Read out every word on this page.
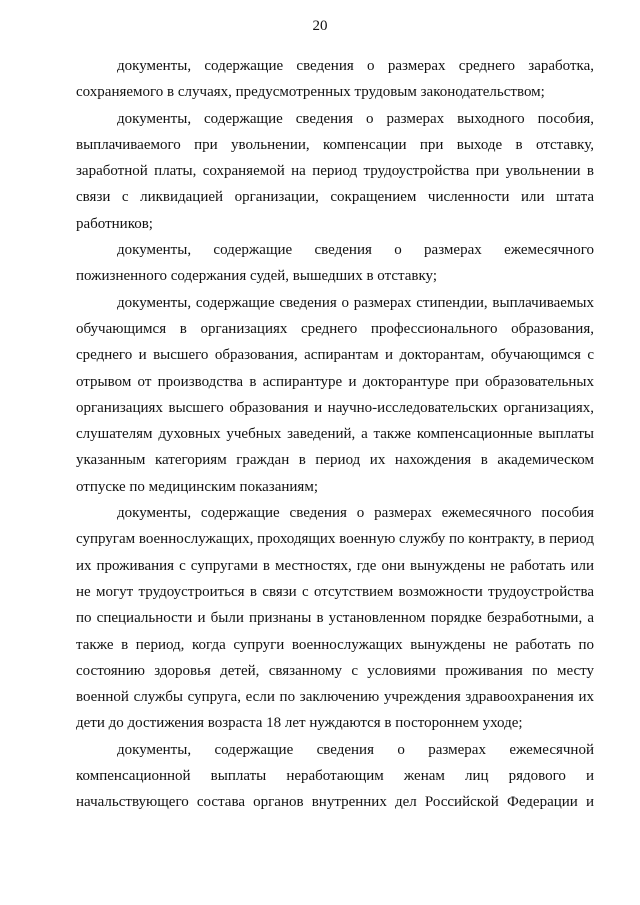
20

документы, содержащие сведения о размерах среднего заработка, сохраняемого в случаях, предусмотренных трудовым законодательством;

документы, содержащие сведения о размерах выходного пособия, выплачиваемого при увольнении, компенсации при выходе в отставку, заработной платы, сохраняемой на период трудоустройства при увольнении в связи с ликвидацией организации, сокращением численности или штата работников;

документы, содержащие сведения о размерах ежемесячного пожизненного содержания судей, вышедших в отставку;

документы, содержащие сведения о размерах стипендии, выплачиваемых обучающимся в организациях среднего профессионального образования, среднего и высшего образования, аспирантам и докторантам, обучающимся с отрывом от производства в аспирантуре и докторантуре при образовательных организациях высшего образования и научно-исследовательских организациях, слушателям духовных учебных заведений, а также компенсационные выплаты указанным категориям граждан в период их нахождения в академическом отпуске по медицинским показаниям;

документы, содержащие сведения о размерах ежемесячного пособия супругам военнослужащих, проходящих военную службу по контракту, в период их проживания с супругами в местностях, где они вынуждены не работать или не могут трудоустроиться в связи с отсутствием возможности трудоустройства по специальности и были признаны в установленном порядке безработными, а также в период, когда супруги военнослужащих вынуждены не работать по состоянию здоровья детей, связанному с условиями проживания по месту военной службы супруга, если по заключению учреждения здравоохранения их дети до достижения возраста 18 лет нуждаются в постороннем уходе;

документы, содержащие сведения о размерах ежемесячной компенсационной выплаты неработающим женам лиц рядового и начальствующего состава органов внутренних дел Российской Федерации и
